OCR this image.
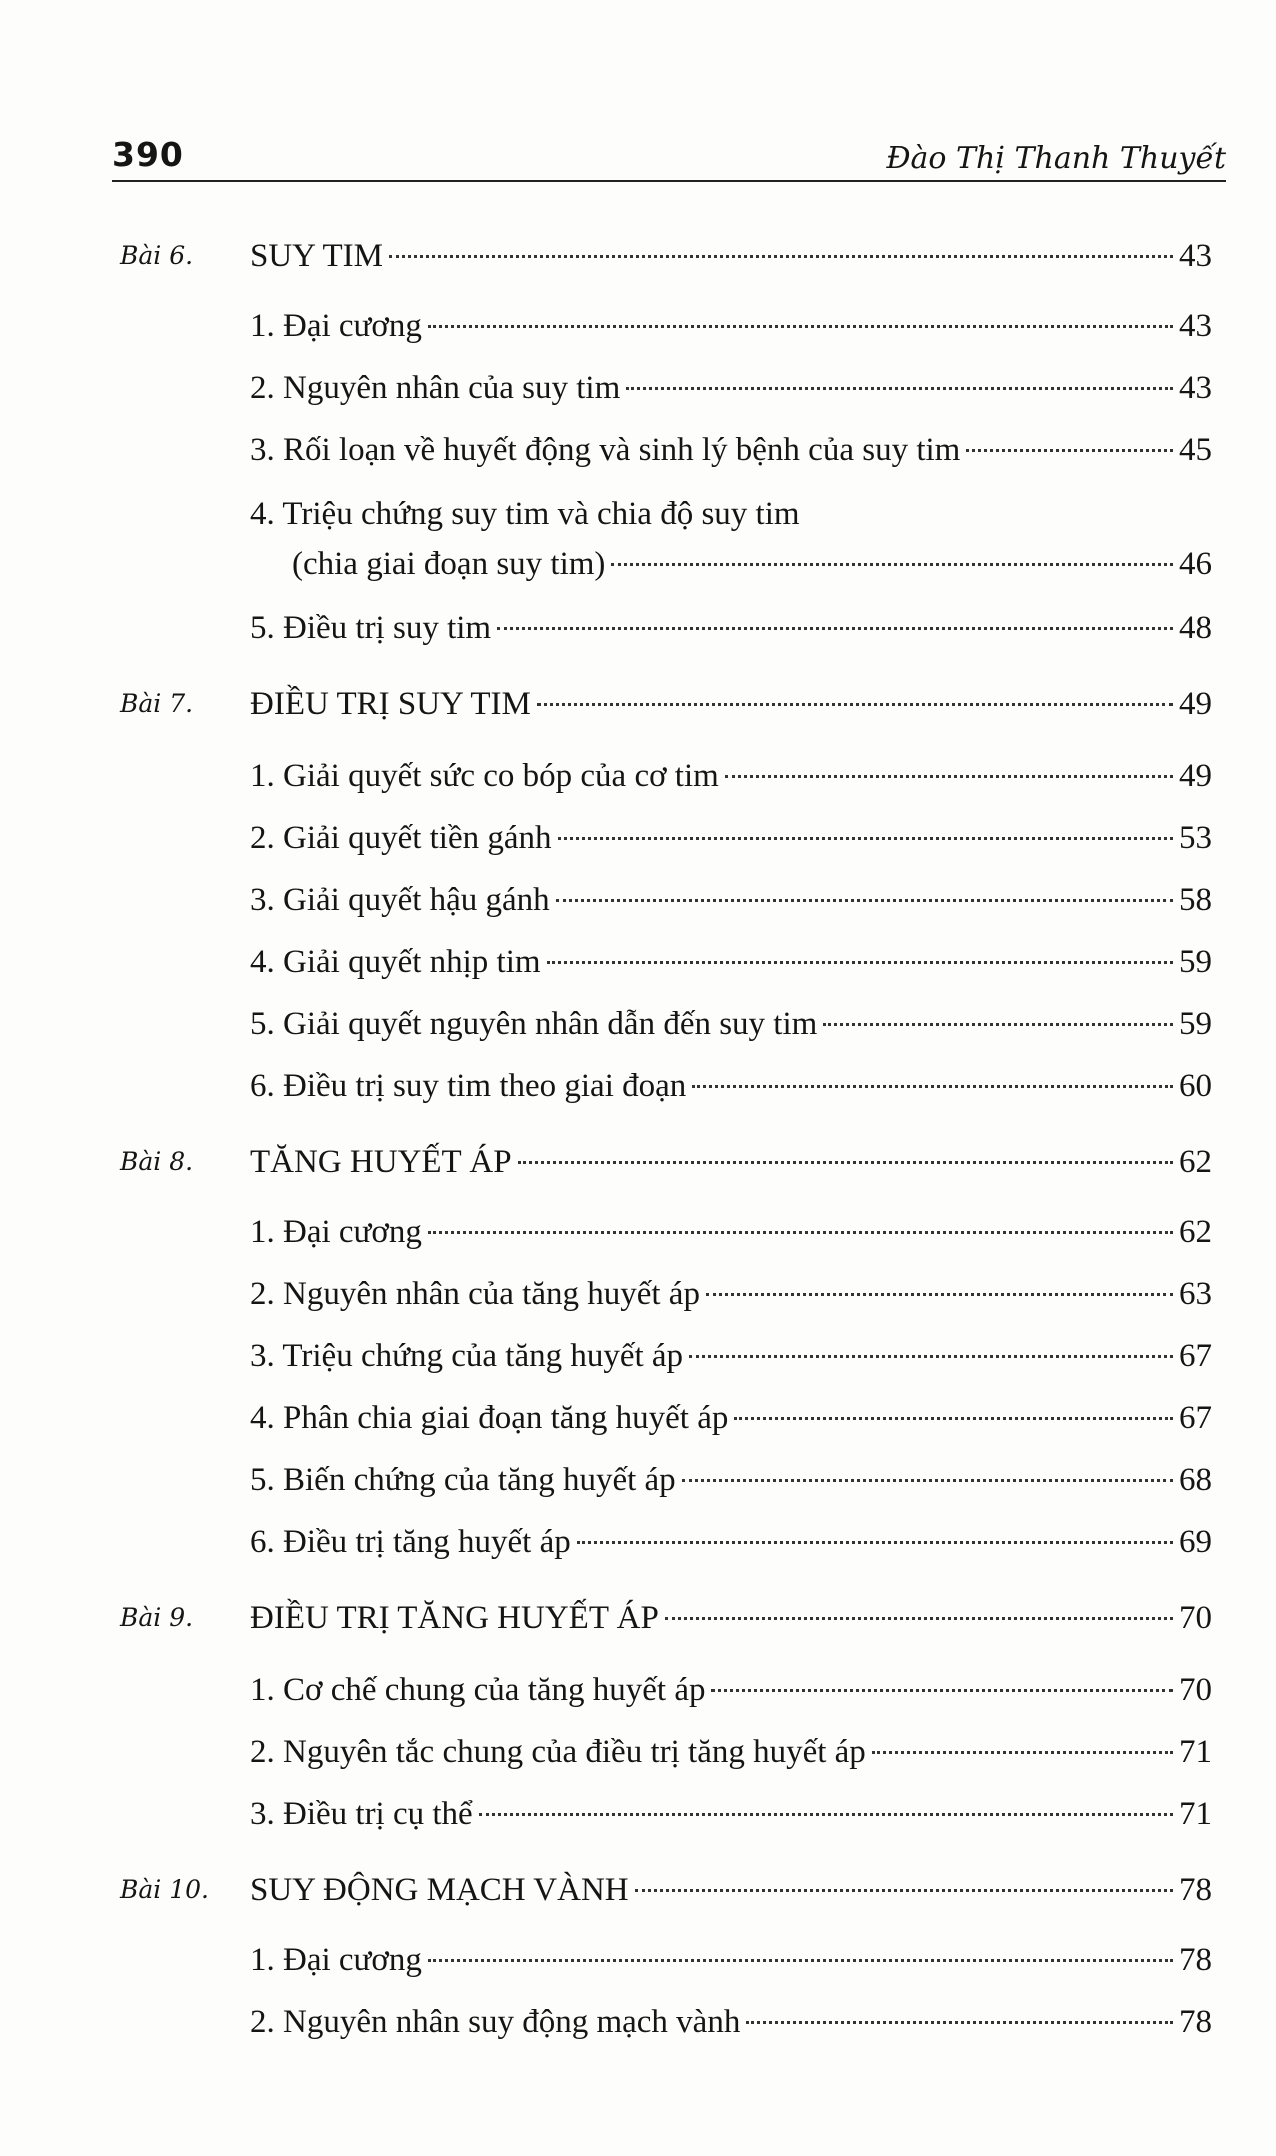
390	Đào Thị Thanh Thuyết
Bài 6. SUY TIM	43
1. Đại cương	43
2. Nguyên nhân của suy tim	43
3. Rối loạn về huyết động và sinh lý bệnh của suy tim	45
4. Triệu chứng suy tim và chia độ suy tim
(chia giai đoạn suy tim)	46
5. Điều trị suy tim	48
Bài 7. ĐIỀU TRỊ SUY TIM	49
1. Giải quyết sức co bóp của cơ tim	49
2. Giải quyết tiền gánh	53
3. Giải quyết hậu gánh	58
4. Giải quyết nhịp tim	59
5. Giải quyết nguyên nhân dẫn đến suy tim	59
6. Điều trị suy tim theo giai đoạn	60
Bài 8. TĂNG HUYẾT ÁP	62
1. Đại cương	62
2. Nguyên nhân của tăng huyết áp	63
3. Triệu chứng của tăng huyết áp	67
4. Phân chia giai đoạn tăng huyết áp	67
5. Biến chứng của tăng huyết áp	68
6. Điều trị tăng huyết áp	69
Bài 9. ĐIỀU TRỊ TĂNG HUYẾT ÁP	70
1. Cơ chế chung của tăng huyết áp	70
2. Nguyên tắc chung của điều trị tăng huyết áp	71
3. Điều trị cụ thể	71
Bài 10. SUY ĐỘNG MẠCH VÀNH	78
1. Đại cương	78
2. Nguyên nhân suy động mạch vành	78
